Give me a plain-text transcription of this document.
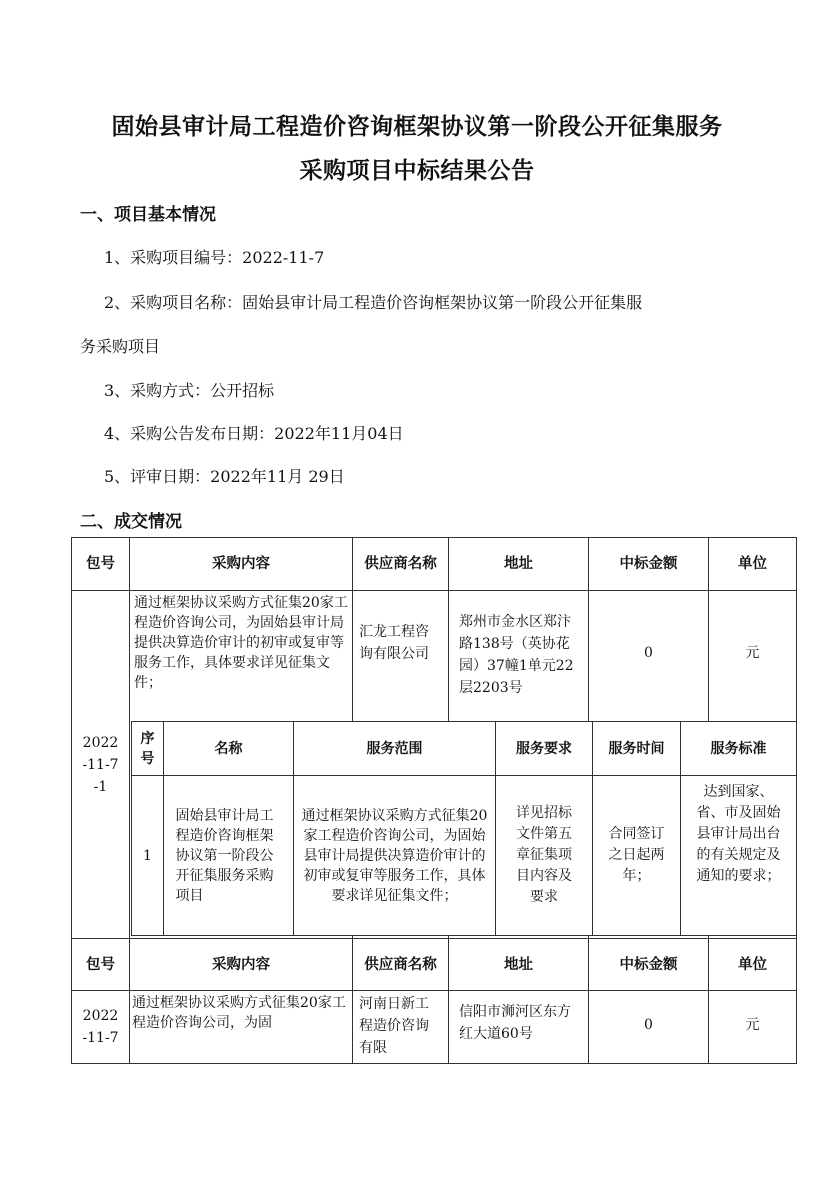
固始县审计局工程造价咨询框架协议第一阶段公开征集服务
采购项目中标结果公告
一、项目基本情况
1、采购项目编号：2022-11-7
2、采购项目名称：固始县审计局工程造价咨询框架协议第一阶段公开征集服
务采购项目
3、采购方式：公开招标
4、采购公告发布日期：2022年11月04日
5、评审日期：2022年11月 29日
二、成交情况
包号	采购内容	供应商名称	地址	中标金额	单位

2022-11-7-1	通过框架协议采购方式征集20家工程造价咨询公司，为固始县审计局提供决算造价审计的初审或复审等服务工作，具体要求详见征集文件；	汇龙工程咨询有限公司	郑州市金水区郑汴路138号（英协花园）37幢1单元22层2203号	0	元

包号	采购内容	供应商名称	地址	中标金额	单位

2022-11-7	通过框架协议采购方式征集20家工程造价咨询公司，为固	河南日新工程造价咨询有限	信阳市浉河区东方红大道60号	0	元
序号	名称	服务范围	服务要求	服务时间	服务标准
1	固始县审计局工程造价咨询框架协议第一阶段公开征集服务采购项目	通过框架协议采购方式征集20家工程造价咨询公司，为固始县审计局提供决算造价审计的初审或复审等服务工作，具体要求详见征集文件；	详见招标文件第五章征集项目内容及要求	合同签订之日起两年；	达到国家、省、市及固始县审计局出台的有关规定及通知的要求；
